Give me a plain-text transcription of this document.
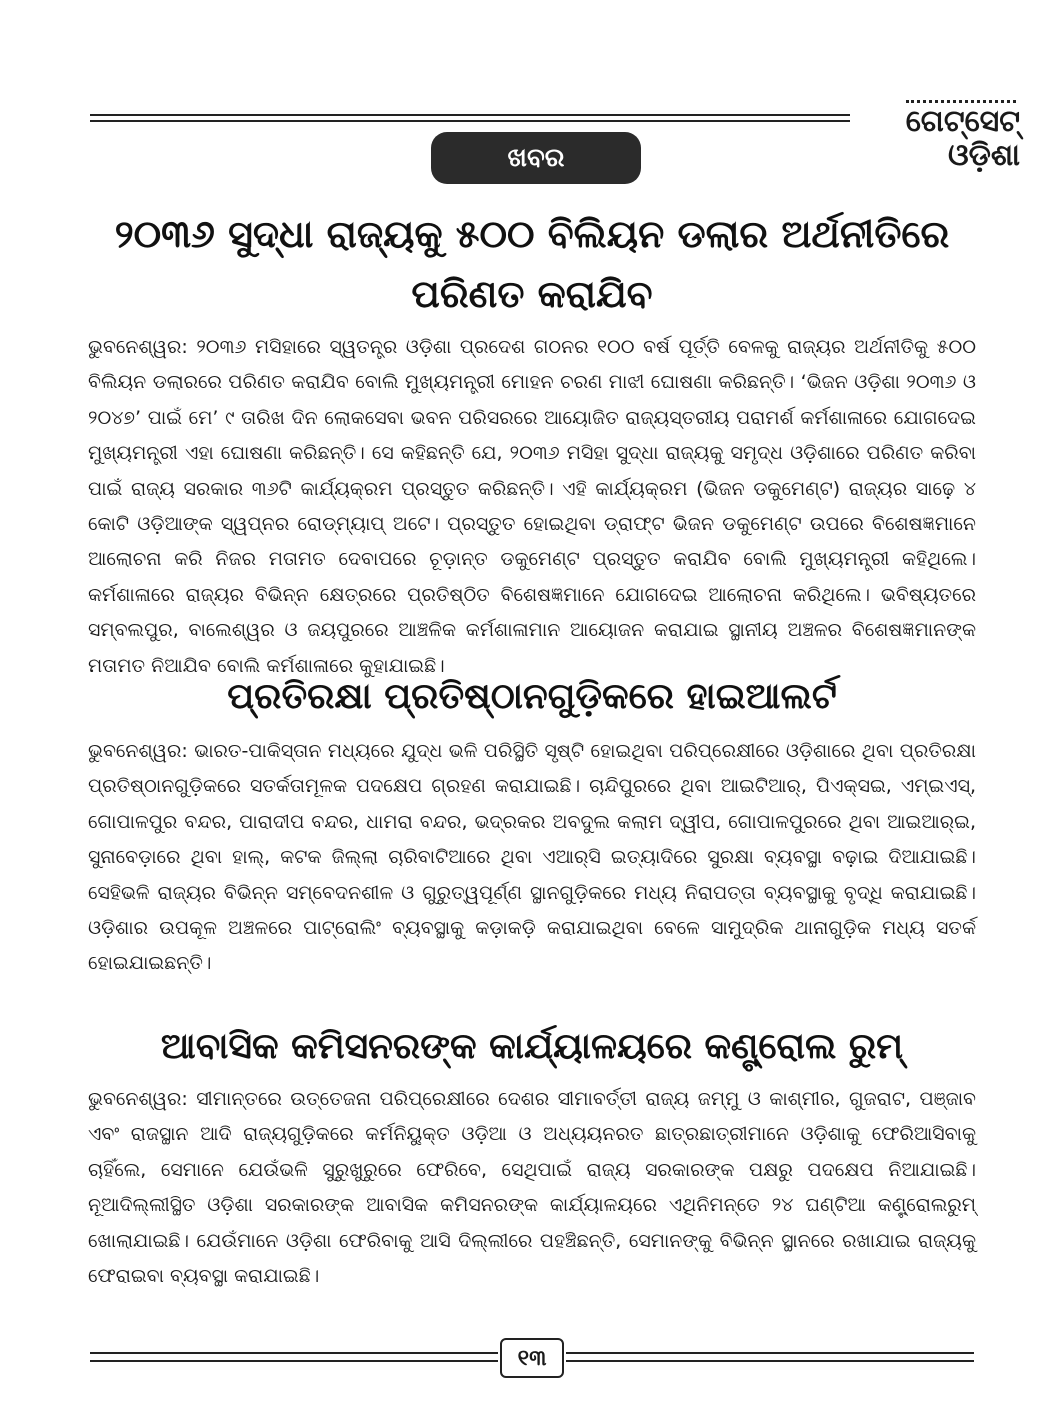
ଗେଟ୍‌ସେଟ୍‌
ଓଡ଼ିଶା
ଖବର
୨୦୩୬ ସୁଦ୍ଧା ରାଜ୍ୟକୁ ୫୦୦ ବିଲିୟନ ଡଲାର ଅର୍ଥନୀତିରେ
ପରିଣତ କରାଯିବ
ଭୁବନେଶ୍ୱର: ୨୦୩୬ ମସିହାରେ ସ୍ୱତନ୍ତ୍ର ଓଡ଼ିଶା ପ୍ରଦେଶ ଗଠନର ୧୦୦ ବର୍ଷ ପୂର୍ତ୍ତି ବେଳକୁ ରାଜ୍ୟର ଅର୍ଥନୀତିକୁ ୫୦୦ ବିଲିୟନ ଡଲାରରେ ପରିଣତ କରାଯିବ ବୋଲି ମୁଖ୍ୟମନ୍ତ୍ରୀ ମୋହନ ଚରଣ ମାଝୀ ଘୋଷଣା କରିଛନ୍ତି। ‘ଭିଜନ ଓଡ଼ିଶା ୨୦୩୬ ଓ ୨୦୪୭’ ପାଇଁ ମେ’ ୯ ତାରିଖ ଦିନ ଲୋକସେବା ଭବନ ପରିସରରେ ଆୟୋଜିତ ରାଜ୍ୟସ୍ତରୀୟ ପରାମର୍ଶ କର୍ମଶାଳାରେ ଯୋଗଦେଇ ମୁଖ୍ୟମନ୍ତ୍ରୀ ଏହା ଘୋଷଣା କରିଛନ୍ତି। ସେ କହିଛନ୍ତି ଯେ, ୨୦୩୬ ମସିହା ସୁଦ୍ଧା ରାଜ୍ୟକୁ ସମୃଦ୍ଧ ଓଡ଼ିଶାରେ ପରିଣତ କରିବା ପାଇଁ ରାଜ୍ୟ ସରକାର ୩୬ଟି କାର୍ଯ୍ୟକ୍ରମ ପ୍ରସ୍ତୁତ କରିଛନ୍ତି। ଏହି କାର୍ଯ୍ୟକ୍ରମ (ଭିଜନ ଡକୁମେଣ୍ଟ) ରାଜ୍ୟର ସାଢ଼େ ୪ କୋଟି ଓଡ଼ିଆଙ୍କ ସ୍ୱପ୍ନର ରୋଡ୍‌ମ୍ୟାପ୍ ଅଟେ। ପ୍ରସ୍ତୁତ ହୋଇଥିବା ଡ୍ରାଫ୍ଟ ଭିଜନ ଡକୁମେଣ୍ଟ ଉପରେ ବିଶେଷଜ୍ଞମାନେ ଆଲୋଚନା କରି ନିଜର ମତାମତ ଦେବାପରେ ଚୂଡ଼ାନ୍ତ ଡକୁମେଣ୍ଟ ପ୍ରସ୍ତୁତ କରାଯିବ ବୋଲି ମୁଖ୍ୟମନ୍ତ୍ରୀ କହିଥିଲେ। କର୍ମଶାଳାରେ ରାଜ୍ୟର ବିଭିନ୍ନ କ୍ଷେତ୍ରରେ ପ୍ରତିଷ୍ଠିତ ବିଶେଷଜ୍ଞମାନେ ଯୋଗଦେଇ ଆଲୋଚନା କରିଥିଲେ। ଭବିଷ୍ୟତରେ ସମ୍ବଲପୁର, ବାଲେଶ୍ୱର ଓ ଜୟପୁରରେ ଆଞ୍ଚଳିକ କର୍ମଶାଳାମାନ ଆୟୋଜନ କରାଯାଇ ସ୍ଥାନୀୟ ଅଞ୍ଚଳର ବିଶେଷଜ୍ଞମାନଙ୍କ ମତାମତ ନିଆଯିବ ବୋଲି କର୍ମଶାଳାରେ କୁହାଯାଇଛି।
ପ୍ରତିରକ୍ଷା ପ୍ରତିଷ୍ଠାନଗୁଡ଼ିକରେ ହାଇଆଲର୍ଟ
ଭୁବନେଶ୍ୱର: ଭାରତ-ପାକିସ୍ତାନ ମଧ୍ୟରେ ଯୁଦ୍ଧ ଭଳି ପରିସ୍ଥିତି ସୃଷ୍ଟି ହୋଇଥିବା ପରିପ୍ରେକ୍ଷୀରେ ଓଡ଼ିଶାରେ ଥିବା ପ୍ରତିରକ୍ଷା ପ୍ରତିଷ୍ଠାନଗୁଡ଼ିକରେ ସତର୍କତାମୂଳକ ପଦକ୍ଷେପ ଗ୍ରହଣ କରାଯାଇଛି। ଚାନ୍ଦିପୁରରେ ଥିବା ଆଇଟିଆର୍, ପିଏକ୍ସଇ, ଏମ୍ଇଏସ୍, ଗୋପାଳପୁର ବନ୍ଦର, ପାରାଦୀପ ବନ୍ଦର, ଧାମରା ବନ୍ଦର, ଭଦ୍ରକର ଅବଦୁଲ କଲାମ ଦ୍ୱୀପ, ଗୋପାଳପୁରରେ ଥିବା ଆଇଆର୍‌ଇ, ସୁନାବେଡ଼ାରେ ଥିବା ହାଲ୍, କଟକ ଜିଲ୍ଲା ଚାରିବାଟିଆରେ ଥିବା ଏଆର୍‌ସି ଇତ୍ୟାଦିରେ ସୁରକ୍ଷା ବ୍ୟବସ୍ଥା ବଢ଼ାଇ ଦିଆଯାଇଛି। ସେହିଭଳି ରାଜ୍ୟର ବିଭିନ୍ନ ସମ୍ବେଦନଶୀଳ ଓ ଗୁରୁତ୍ୱପୂର୍ଣ୍ଣ ସ୍ଥାନଗୁଡ଼ିକରେ ମଧ୍ୟ ନିରାପତ୍ତା ବ୍ୟବସ୍ଥାକୁ ବୃଦ୍ଧି କରାଯାଇଛି। ଓଡ଼ିଶାର ଉପକୂଳ ଅଞ୍ଚଳରେ ପାଟ୍ରୋଲିଂ ବ୍ୟବସ୍ଥାକୁ କଡ଼ାକଡ଼ି କରାଯାଇଥିବା ବେଳେ ସାମୁଦ୍ରିକ ଥାନାଗୁଡ଼ିକ ମଧ୍ୟ ସତର୍କ ହୋଇଯାଇଛନ୍ତି।
ଆବାସିକ କମିସନରଙ୍କ କାର୍ଯ୍ୟାଳୟରେ କଣ୍ଟ୍ରୋଲ ରୁମ୍
ଭୁବନେଶ୍ୱର: ସୀମାନ୍ତରେ ଉତ୍ତେଜନା ପରିପ୍ରେକ୍ଷୀରେ ଦେଶର ସୀମାବର୍ତ୍ତୀ ରାଜ୍ୟ ଜମ୍ମୁ ଓ କାଶ୍ମୀର, ଗୁଜରାଟ, ପଞ୍ଜାବ ଏବଂ ରାଜସ୍ଥାନ ଆଦି ରାଜ୍ୟଗୁଡ଼ିକରେ କର୍ମନିୟୁକ୍ତ ଓଡ଼ିଆ ଓ ଅଧ୍ୟୟନରତ ଛାତ୍ରଛାତ୍ରୀମାନେ ଓଡ଼ିଶାକୁ ଫେରିଆସିବାକୁ ଚାହିଁଲେ, ସେମାନେ ଯେଉଁଭଳି ସୁରୁଖୁରୁରେ ଫେରିବେ, ସେଥିପାଇଁ ରାଜ୍ୟ ସରକାରଙ୍କ ପକ୍ଷରୁ ପଦକ୍ଷେପ ନିଆଯାଇଛି। ନୂଆଦିଲ୍ଲୀସ୍ଥିତ ଓଡ଼ିଶା ସରକାରଙ୍କ ଆବାସିକ କମିସନରଙ୍କ କାର୍ଯ୍ୟାଳୟରେ ଏଥିନିମନ୍ତେ ୨୪ ଘଣ୍ଟିଆ କଣ୍ଟ୍ରୋଲରୁମ୍ ଖୋଲାଯାଇଛି। ଯେଉଁମାନେ ଓଡ଼ିଶା ଫେରିବାକୁ ଆସି ଦିଲ୍ଲୀରେ ପହଞ୍ଚିଛନ୍ତି, ସେମାନଙ୍କୁ ବିଭିନ୍ନ ସ୍ଥାନରେ ରଖାଯାଇ ରାଜ୍ୟକୁ ଫେରାଇବା ବ୍ୟବସ୍ଥା କରାଯାଇଛି।
୧୩
